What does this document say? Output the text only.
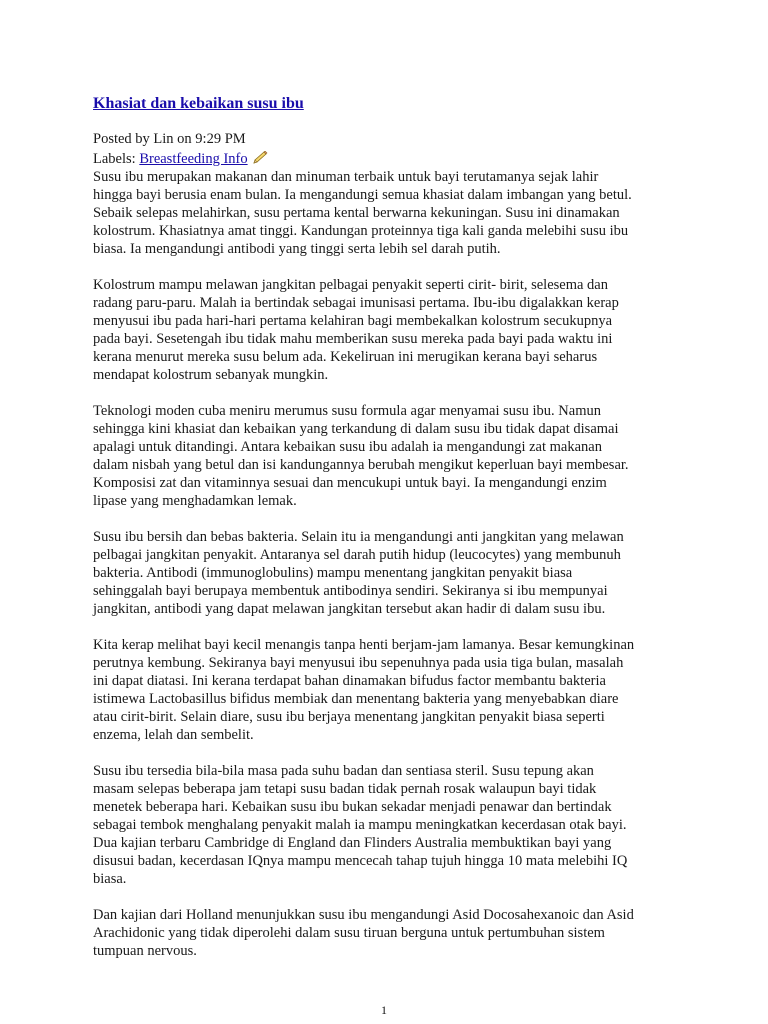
Khasiat dan kebaikan susu ibu

Posted by Lin on 9:29 PM

Labels: Breastfeeding Info

Susu ibu merupakan makanan dan minuman terbaik untuk bayi terutamanya sejak lahir
hingga bayi berusia enam bulan. Ia mengandungi semua khasiat dalam imbangan yang betul.
Sebaik selepas melahirkan, susu pertama kental berwarna kekuningan. Susu ini dinamakan
kolostrum. Khasiatnya amat tinggi. Kandungan proteinnya tiga kali ganda melebihi susu ibu
biasa. Ia mengandungi antibodi yang tinggi serta lebih sel darah putih.

Kolostrum mampu melawan jangkitan pelbagai penyakit seperti cirit- birit, selesema dan
radang paru-paru. Malah ia bertindak sebagai imunisasi pertama. Ibu-ibu digalakkan kerap
menyusui ibu pada hari-hari pertama kelahiran bagi membekalkan kolostrum secukupnya
pada bayi. Sesetengah ibu tidak mahu memberikan susu mereka pada bayi pada waktu ini
kerana menurut mereka susu belum ada. Kekeliruan ini merugikan kerana bayi seharus
mendapat kolostrum sebanyak mungkin.

Teknologi moden cuba meniru merumus susu formula agar menyamai susu ibu. Namun
sehingga kini khasiat dan kebaikan yang terkandung di dalam susu ibu tidak dapat disamai
apalagi untuk ditandingi. Antara kebaikan susu ibu adalah ia mengandungi zat makanan
dalam nisbah yang betul dan isi kandungannya berubah mengikut keperluan bayi membesar.
Komposisi zat dan vitaminnya sesuai dan mencukupi untuk bayi. Ia mengandungi enzim
lipase yang menghadamkan lemak.

Susu ibu bersih dan bebas bakteria. Selain itu ia mengandungi anti jangkitan yang melawan
pelbagai jangkitan penyakit. Antaranya sel darah putih hidup (leucocytes) yang membunuh
bakteria. Antibodi (immunoglobulins) mampu menentang jangkitan penyakit biasa
sehinggalah bayi berupaya membentuk antibodinya sendiri. Sekiranya si ibu mempunyai
jangkitan, antibodi yang dapat melawan jangkitan tersebut akan hadir di dalam susu ibu.

Kita kerap melihat bayi kecil menangis tanpa henti berjam-jam lamanya. Besar kemungkinan
perutnya kembung. Sekiranya bayi menyusui ibu sepenuhnya pada usia tiga bulan, masalah
ini dapat diatasi. Ini kerana terdapat bahan dinamakan bifudus factor membantu bakteria
istimewa Lactobasillus bifidus membiak dan menentang bakteria yang menyebabkan diare
atau cirit-birit. Selain diare, susu ibu berjaya menentang jangkitan penyakit biasa seperti
enzema, lelah dan sembelit.

Susu ibu tersedia bila-bila masa pada suhu badan dan sentiasa steril. Susu tepung akan
masam selepas beberapa jam tetapi susu badan tidak pernah rosak walaupun bayi tidak
menetek beberapa hari. Kebaikan susu ibu bukan sekadar menjadi penawar dan bertindak
sebagai tembok menghalang penyakit malah ia mampu meningkatkan kecerdasan otak bayi.
Dua kajian terbaru Cambridge di England dan Flinders Australia membuktikan bayi yang
disusui badan, kecerdasan IQnya mampu mencecah tahap tujuh hingga 10 mata melebihi IQ
biasa.

Dan kajian dari Holland menunjukkan susu ibu mengandungi Asid Docosahexanoic dan Asid
Arachidonic yang tidak diperolehi dalam susu tiruan berguna untuk pertumbuhan sistem
tumpuan nervous.

1
